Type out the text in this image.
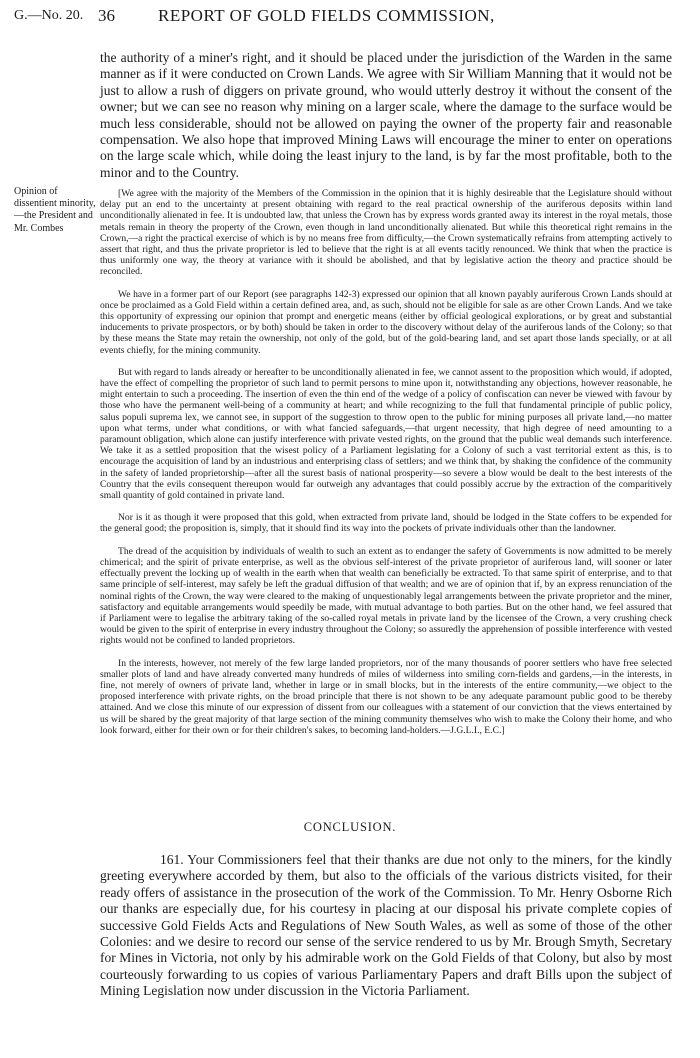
G.—No. 20. 36	REPORT OF GOLD FIELDS COMMISSION,

the authority of a miner's right, and it should be placed under the jurisdiction of the Warden in the same manner as if it were conducted on Crown Lands. We agree with Sir William Manning that it would not be just to allow a rush of diggers on private ground, who would utterly destroy it without the consent of the owner; but we can see no reason why mining on a larger scale, where the damage to the surface would be much less considerable, should not be allowed on paying the owner of the property fair and reasonable compensation. We also hope that improved Mining Laws will encourage the miner to enter on operations on the large scale which, while doing the least injury to the land, is by far the most profitable, both to the minor and to the Country.

Opinion of dissentient minority,—the President and Mr. Combes

[We agree with the majority of the Members of the Commission in the opinion that it is highly desireable that the Legislature should without delay put an end to the uncertainty at present obtaining with regard to the real practical ownership of the auriferous deposits within land unconditionally alienated in fee. It is undoubted law, that unless the Crown has by express words granted away its interest in the royal metals, those metals remain in theory the property of the Crown, even though in land unconditionally alienated. But while this theoretical right remains in the Crown,—a right the practical exercise of which is by no means free from difficulty,—the Crown systematically refrains from attempting actively to assert that right, and thus the private proprietor is led to believe that the right is at all events tacitly renounced. We think that when the practice is thus uniformly one way, the theory at variance with it should be abolished, and that by legislative action the theory and practice should be reconciled.

We have in a former part of our Report (see paragraphs 142-3) expressed our opinion that all known payably auriferous Crown Lands should at once be proclaimed as a Gold Field within a certain defined area, and, as such, should not be eligible for sale as are other Crown Lands. And we take this opportunity of expressing our opinion that prompt and energetic means (either by official geological explorations, or by great and substantial inducements to private prospectors, or by both) should be taken in order to the discovery without delay of the auriferous lands of the Colony; so that by these means the State may retain the ownership, not only of the gold, but of the gold-bearing land, and set apart those lands specially, or at all events chiefly, for the mining community.

But with regard to lands already or hereafter to be unconditionally alienated in fee, we cannot assent to the proposition which would, if adopted, have the effect of compelling the proprietor of such land to permit persons to mine upon it, notwithstanding any objections, however reasonable, he might entertain to such a proceeding. The insertion of even the thin end of the wedge of a policy of confiscation can never be viewed with favour by those who have the permanent well-being of a community at heart; and while recognizing to the full that fundamental principle of public policy, salus populi suprema lex, we cannot see, in support of the suggestion to throw open to the public for mining purposes all private land,—no matter upon what terms, under what conditions, or with what fancied safeguards,—that urgent necessity, that high degree of need amounting to a paramount obligation, which alone can justify interference with private vested rights, on the ground that the public weal demands such interference. We take it as a settled proposition that the wisest policy of a Parliament legislating for a Colony of such a vast territorial extent as this, is to encourage the acquisition of land by an industrious and enterprising class of settlers; and we think that, by shaking the confidence of the community in the safety of landed proprietorship—after all the surest basis of national prosperity—so severe a blow would be dealt to the best interests of the Country that the evils consequent thereupon would far outweigh any advantages that could possibly accrue by the extraction of the comparitively small quantity of gold contained in private land.

Nor is it as though it were proposed that this gold, when extracted from private land, should be lodged in the State coffers to be expended for the general good; the proposition is, simply, that it should find its way into the pockets of private individuals other than the landowner.

The dread of the acquisition by individuals of wealth to such an extent as to endanger the safety of Governments is now admitted to be merely chimerical; and the spirit of private enterprise, as well as the obvious self-interest of the private proprietor of auriferous land, will sooner or later effectually prevent the locking up of wealth in the earth when that wealth can beneficially be extracted. To that same spirit of enterprise, and to that same principle of self-interest, may safely be left the gradual diffusion of that wealth; and we are of opinion that if, by an express renunciation of the nominal rights of the Crown, the way were cleared to the making of unquestionably legal arrangements between the private proprietor and the miner, satisfactory and equitable arrangements would speedily be made, with mutual advantage to both parties. But on the other hand, we feel assured that if Parliament were to legalise the arbitrary taking of the so-called royal metals in private land by the licensee of the Crown, a very crushing check would be given to the spirit of enterprise in every industry throughout the Colony; so assuredly the apprehension of possible interference with vested rights would not be confined to landed proprietors.

In the interests, however, not merely of the few large landed proprietors, nor of the many thousands of poorer settlers who have free selected smaller plots of land and have already converted many hundreds of miles of wilderness into smiling corn-fields and gardens,—in the interests, in fine, not merely of owners of private land, whether in large or in small blocks, but in the interests of the entire community,—we object to the proposed interference with private rights, on the broad principle that there is not shown to be any adequate paramount public good to be thereby attained. And we close this minute of our expression of dissent from our colleagues with a statement of our conviction that the views entertained by us will be shared by the great majority of that large section of the mining community themselves who wish to make the Colony their home, and who look forward, either for their own or for their children's sakes, to becoming land-holders.—J.G.L.I., E.C.]

CONCLUSION.

161. Your Commissioners feel that their thanks are due not only to the miners, for the kindly greeting everywhere accorded by them, but also to the officials of the various districts visited, for their ready offers of assistance in the prosecution of the work of the Commission. To Mr. Henry Osborne Rich our thanks are especially due, for his courtesy in placing at our disposal his private complete copies of successive Gold Fields Acts and Regulations of New South Wales, as well as some of those of the other Colonies: and we desire to record our sense of the service rendered to us by Mr. Brough Smyth, Secretary for Mines in Victoria, not only by his admirable work on the Gold Fields of that Colony, but also by most courteously forwarding to us copies of various Parliamentary Papers and draft Bills upon the subject of Mining Legislation now under discussion in the Victoria Parliament.
